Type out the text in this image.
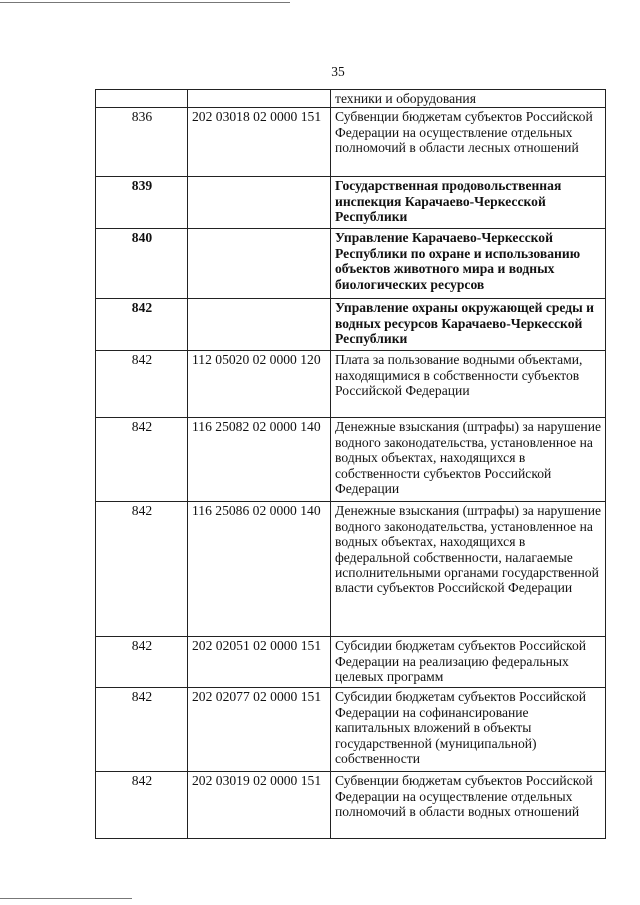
35
		техники и оборудования
836	202 03018 02 0000 151	Субвенции бюджетам субъектов Российской Федерации на осуществление отдельных полномочий в области лесных отношений
839		Государственная продовольственная инспекция Карачаево-Черкесской Республики
840		Управление Карачаево-Черкесской Республики по охране и использованию объектов животного мира и водных биологических ресурсов
842		Управление охраны окружающей среды и водных ресурсов Карачаево-Черкесской Республики
842	112 05020 02 0000 120	Плата за пользование водными объектами, находящимися в собственности субъектов Российской Федерации
842	116 25082 02 0000 140	Денежные взыскания (штрафы) за нарушение водного законодательства, установленное на водных объектах, находящихся в собственности субъектов Российской Федерации
842	116 25086 02 0000 140	Денежные взыскания (штрафы) за нарушение водного законодательства, установленное на водных объектах, находящихся в федеральной собственности, налагаемые исполнительными органами государственной власти субъектов Российской Федерации
842	202 02051 02 0000 151	Субсидии бюджетам субъектов Российской Федерации на реализацию федеральных целевых программ
842	202 02077 02 0000 151	Субсидии бюджетам субъектов Российской Федерации на софинансирование капитальных вложений в объекты государственной (муниципальной) собственности
842	202 03019 02 0000 151	Субвенции бюджетам субъектов Российской Федерации на осуществление отдельных полномочий в области водных отношений
